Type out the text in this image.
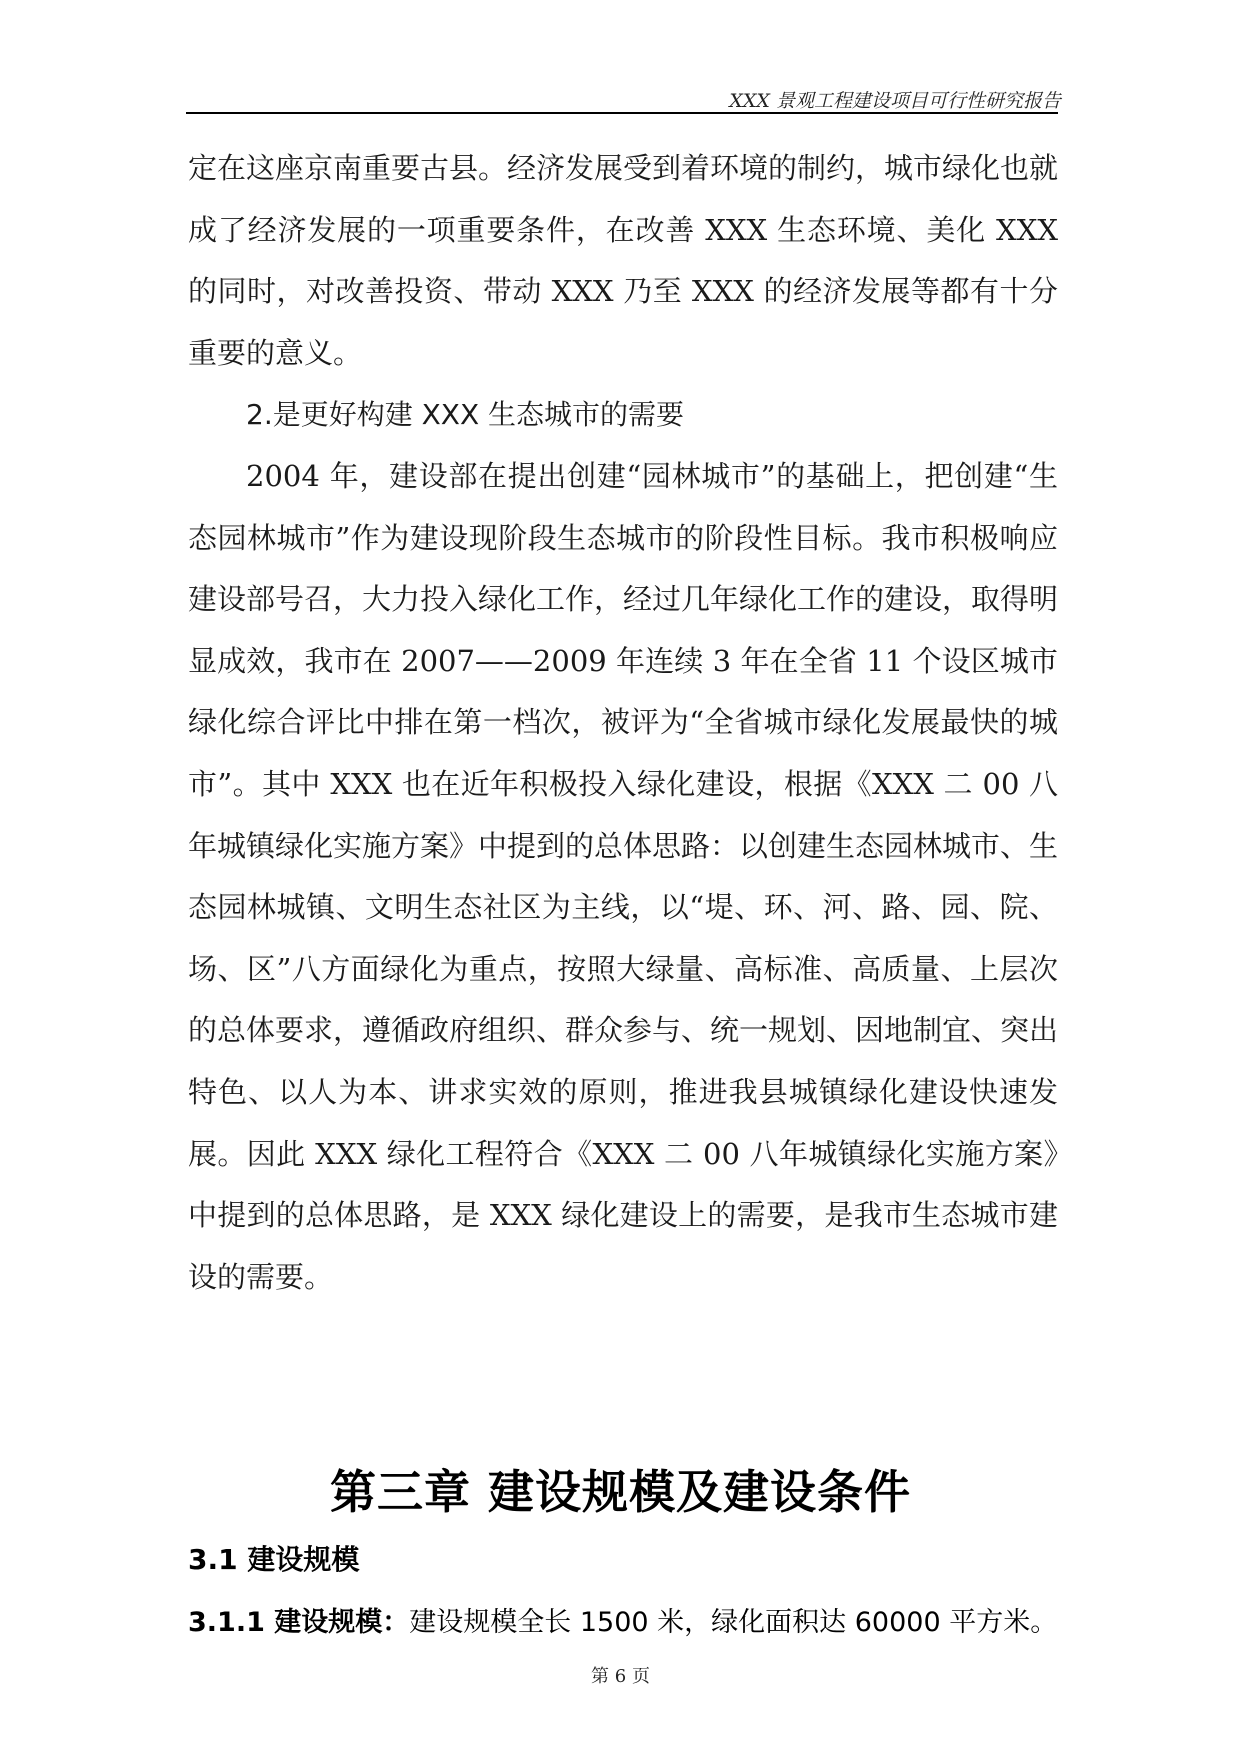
XXX 景观工程建设项目可行性研究报告

定在这座京南重要古县。经济发展受到着环境的制约，城市绿化也就成了经济发展的一项重要条件，在改善 XXX 生态环境、美化 XXX 的同时，对改善投资、带动 XXX 乃至 XXX 的经济发展等都有十分重要的意义。

2.是更好构建 XXX 生态城市的需要

2004 年，建设部在提出创建“园林城市”的基础上，把创建“生态园林城市”作为建设现阶段生态城市的阶段性目标。我市积极响应建设部号召，大力投入绿化工作，经过几年绿化工作的建设，取得明显成效，我市在 2007——2009 年连续 3 年在全省 11 个设区城市绿化综合评比中排在第一档次，被评为“全省城市绿化发展最快的城市”。其中 XXX 也在近年积极投入绿化建设，根据《XXX 二 00 八年城镇绿化实施方案》中提到的总体思路：以创建生态园林城市、生态园林城镇、文明生态社区为主线，以“堤、环、河、路、园、院、场、区”八方面绿化为重点，按照大绿量、高标准、高质量、上层次的总体要求，遵循政府组织、群众参与、统一规划、因地制宜、突出特色、以人为本、讲求实效的原则，推进我县城镇绿化建设快速发展。因此 XXX 绿化工程符合《XXX 二 00 八年城镇绿化实施方案》中提到的总体思路，是 XXX 绿化建设上的需要，是我市生态城市建设的需要。

第三章 建设规模及建设条件
3.1 建设规模
3.1.1 建设规模：建设规模全长 1500 米，绿化面积达 60000 平方米。
第 6 页
